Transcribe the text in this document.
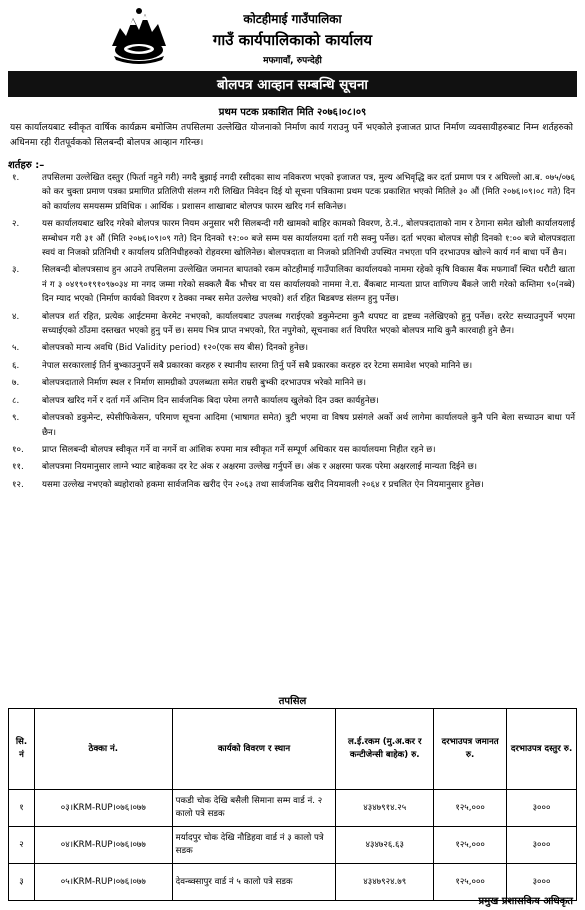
कोटहीमाई गाउँपालिका
गाउँ कार्यपालिकाको कार्यालय
मफगावाँ, रुपन्देही
बोलपत्र आव्हान सम्बन्धि सूचना
प्रथम पटक प्रकाशित मिति २०७६।०८।०९
यस कार्यालयबाट स्वीकृत वार्षिक कार्यक्रम बमोजिम तपसिलमा उल्लेखित योजनाको निर्माण कार्य गराउनु पर्ने भएकोले इजाजत प्राप्त निर्माण व्यवसायीहरुबाट निम्न शर्तहरुको अधिनमा रही रीतपूर्वकको सिलबन्दी बोलपत्र आव्हान गरिन्छ।
शर्तहरु :–
१.	तपसिलमा उल्लेखित दस्तुर (फिर्ता नहुने गरी) नगदै बुझाई नगदी रसीदका साथ नविकरण भएको इजाजत पत्र, मुल्य अभिवृद्धि कर दर्ता प्रमाण पत्र र अघिल्लो आ.ब. ०७५/०७६ को कर चुक्ता प्रमाण पत्रका प्रमाणित प्रतिलिपी संलग्न गरी लिखित निवेदन दिई यो सूचना पत्रिकामा प्रथम पटक प्रकाशित भएको मितिले ३० औं (मिति २०७६।०९।०८ गते) दिन को कार्यालय समयसम्म प्रविधिक । आर्थिक । प्रशासन शाखाबाट बोलपत्र फारम खरिद गर्न सकिनेछ।
२.	यस कार्यालयबाट खरिद गरेको बोलपत्र फारम नियम अनुसार भरी सिलबन्दी गरी खामको बाहिर कामको विवरण, ठे.नं., बोलपत्रदाताको नाम र ठेगाना समेत खोली कार्यालयलाई सम्बोधन गरी ३१ औं (मिति २०७६।०९।०९ गते) दिन दिनको १२:०० बजे सम्म यस कार्यालयमा दर्ता गरी सक्नु पर्नेछ। दर्ता भएका बोलपत्र सोही दिनको १:०० बजे बोलपत्रदाता स्वयं वा निजको प्रतिनिधी र कार्यालय प्रतिनिधीहरुको रोहवरमा खोलिनेछ। बोलपत्रदाता वा निजको प्रतिनिधी उपस्थित नभएता पनि दरभाउपत्र खोल्ने कार्य गर्न बाधा पर्ने छैन।
३.	सिलबन्दी बोलपत्रसाथ हुन आउने तपसिलमा उल्लेखित जमानत बापतको रकम कोटहीमाई गाउँपालिका कार्यालयको नाममा रहेको कृषि विकास बैंक मफगावाँ स्थित धरौटी खाता नं ग ३ ०४१९०१९१०९७०३४ मा नगद जम्मा गरेको सक्कलै बैंक भौचर वा यस कार्यालयको नाममा ने.रा. बैंकबाट मान्यता प्राप्त वाणिज्य बैंकले जारी गरेको कम्तिमा ९०(नब्बे) दिन म्याद भएको (निर्माण कार्यको विवरण र ठेक्का नम्बर समेत उल्लेख भएको) शर्त रहित बिडबण्ड संलग्न हुनु पर्नेछ।
४.	बोलपत्र शर्त रहित, प्रत्येक आईटममा केरमेट नभएको, कार्यालयबाट उपलब्ध गराईएको डकुमेन्टमा कुनै थपघट वा द्रष्टव्य नलेखिएको हुनु पर्नेछ। दररेट सच्याउनुपर्ने भएमा सच्याईएको ठाँउमा दस्तखत भएको हुनु पर्ने छ। समय भित्र प्राप्त नभएको, रित नपुगेको, सूचनाका शर्त विपरित भएको बोलपत्र माथि कुनै कारवाही हुने छैन।
५.	बोलपत्रको मान्य अवधि (Bid Validity period) १२०(एक सय बीस) दिनको हुनेछ।
६.	नेपाल सरकारलाई तिर्न बुभ्काउनुपर्ने सबै प्रकारका करहरु र स्थानीय स्तरमा तिर्नु पर्ने सबै प्रकारका करहरु दर रेटमा समावेश भएको मानिने छ।
७.	बोलपत्रदाताले निर्माण स्थल र निर्माण सामग्रीको उपलब्धता समेत राम्ररी बुभ्की दरभाउपत्र भरेको मानिने छ।
८.	बोलपत्र खरिद गर्ने र दर्ता गर्ने अन्तिम दिन सार्वजनिक बिदा परेमा लगत्तै कार्यालय खुलेको दिन उक्त कार्यहुनेछ।
९.	बोलपत्रको डकुमेन्ट, स्पेसीफिकेसन, परिमाण सूचना आदिमा (भाषागत समेत) त्रुटी भएमा वा विषय प्रसंगले अर्को अर्थ लागेमा कार्यालयले कुनै पनि बेला सच्याउन बाधा पर्ने छैन।
१०.	प्राप्त सिलबन्दी बोलपत्र स्वीकृत गर्ने वा नगर्ने वा आंशिक रुपमा मात्र स्वीकृत गर्ने सम्पूर्ण अधिकार यस कार्यालयमा निहीत रहने छ।
११.	बोलपत्रमा नियमानुसार लाग्ने भ्याट बाहेकका दर रेट अंक र अक्षरमा उल्लेख गर्नुपर्ने छ। अंक र अक्षरमा फरक परेमा अक्षरलाई मान्यता दिईने छ।
१२.	यसमा उल्लेख नभएको ब्यहोराको हकमा सार्वजनिक खरीद ऐन २०६३ तथा सार्वजनिक खरीद नियमावली २०६४ र प्रचलित ऐन नियमानुसार हुनेछ।
तपसिल
सि. नं	ठेक्का नं.	कार्यको विवरण र स्थान	ल.ई.रकम (मु.अ.कर र कन्टीजेन्सी बाहेक) रु.	दरभाउपत्र जमानत रु.	दरभाउपत्र दस्तुर रु.
१	०३।KRM-RUP।०७६।०७७	पकडी चोक देखि बसैली सिमाना सम्म वार्ड नं. २ कालो पत्रे सडक	४३४७९१४.२५	१२५,०००	३०००
२	०४।KRM-RUP।०७६।०७७	मर्यादपुर चोक देखि नौडिहवा वार्ड नं ३ कालो पत्रे सडक	४३४७२६.६३	१२५,०००	३०००
३	०५।KRM-RUP।०७६।०७७	देवन्ब्क्सापुर वार्ड नं ५ कालो पत्रे सडक	४३४७९२४.७९	१२५,०००	३०००
प्रमुख प्रशासकिय अधिकृत
